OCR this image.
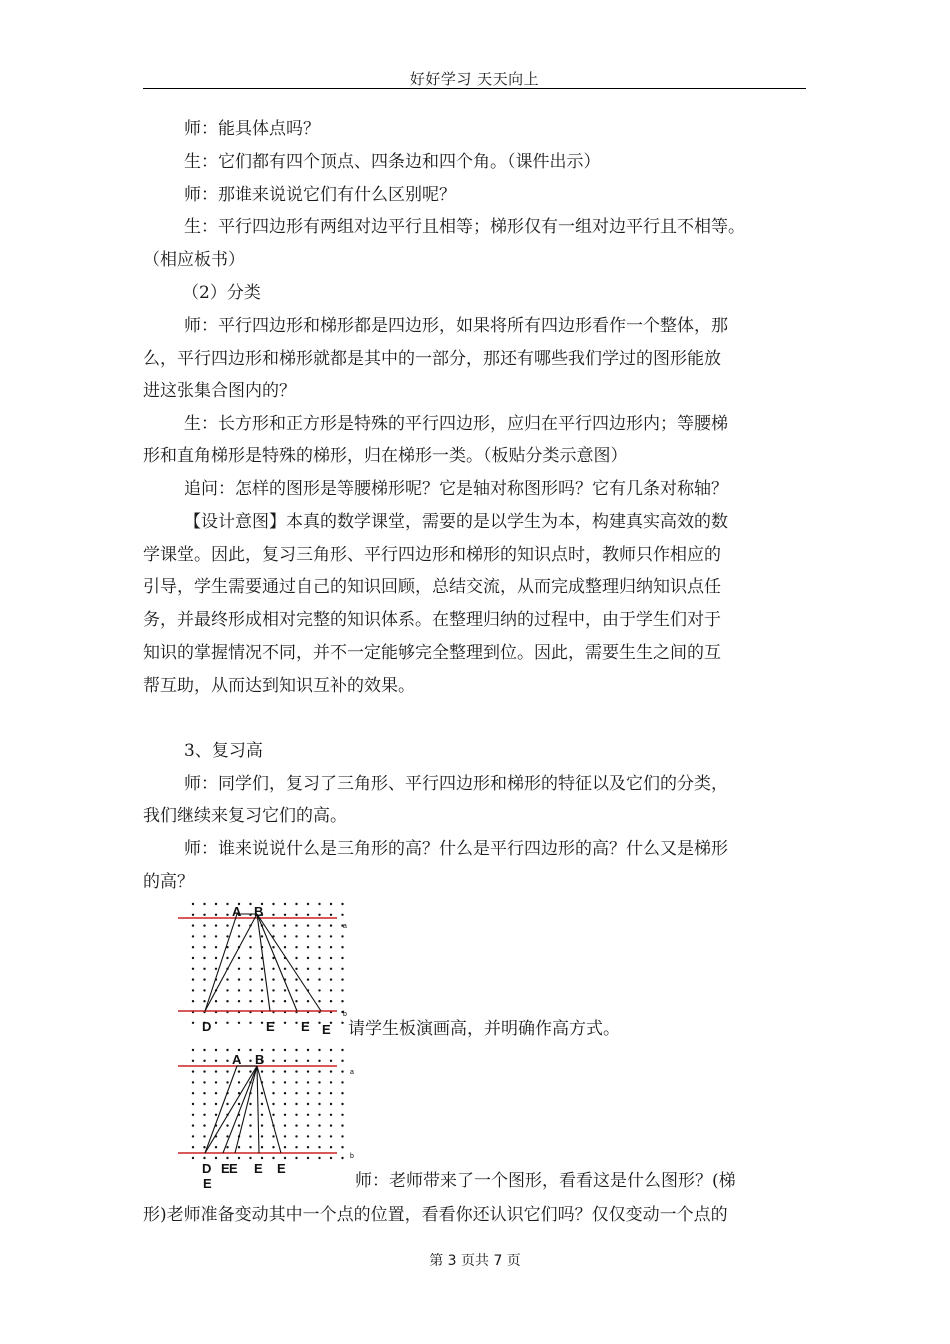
好好学习 天天向上
师：能具体点吗？
生：它们都有四个顶点、四条边和四个角。（课件出示）
师：那谁来说说它们有什么区别呢？
生：平行四边形有两组对边平行且相等；梯形仅有一组对边平行且不相等。
（相应板书）
（2）分类
师：平行四边形和梯形都是四边形，如果将所有四边形看作一个整体，那
么，平行四边形和梯形就都是其中的一部分，那还有哪些我们学过的图形能放
进这张集合图内的？
生：长方形和正方形是特殊的平行四边形，应归在平行四边形内；等腰梯
形和直角梯形是特殊的梯形，归在梯形一类。（板贴分类示意图）
追问：怎样的图形是等腰梯形呢？它是轴对称图形吗？它有几条对称轴？
【设计意图】本真的数学课堂，需要的是以学生为本，构建真实高效的数
学课堂。因此，复习三角形、平行四边形和梯形的知识点时，教师只作相应的
引导，学生需要通过自己的知识回顾，总结交流，从而完成整理归纳知识点任
务，并最终形成相对完整的知识体系。在整理归纳的过程中，由于学生们对于
知识的掌握情况不同，并不一定能够完全整理到位。因此，需要生生之间的互
帮互助，从而达到知识互补的效果。
3、复习高
师：同学们，复习了三角形、平行四边形和梯形的特征以及它们的分类，
我们继续来复习它们的高。
师：谁来说说什么是三角形的高？什么是平行四边形的高？什么又是梯形
的高？
A B
D	E E E
a
b
请学生板演画高，并明确作高方式。
A B
D E E E E
E
a
b
师：老师带来了一个图形，看看这是什么图形？(梯
形)老师准备变动其中一个点的位置，看看你还认识它们吗？仅仅变动一个点的
第 3 页共 7 页
